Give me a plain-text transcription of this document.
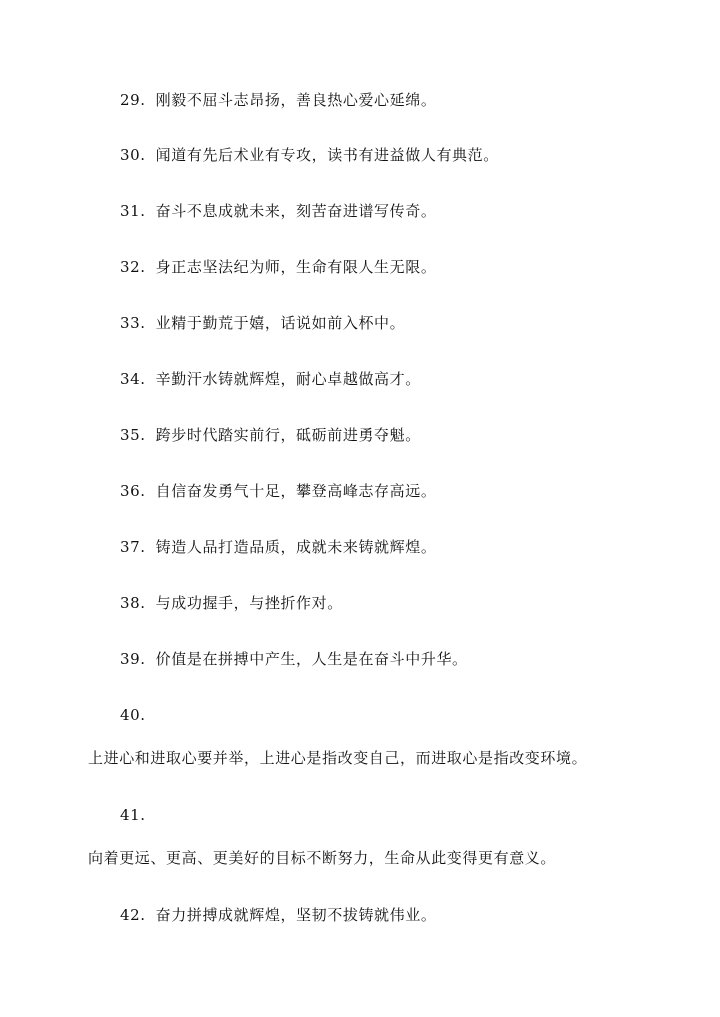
29. 刚毅不屈斗志昂扬，善良热心爱心延绵。
30. 闻道有先后术业有专攻，读书有进益做人有典范。
31. 奋斗不息成就未来，刻苦奋进谱写传奇。
32. 身正志坚法纪为师，生命有限人生无限。
33. 业精于勤荒于嬉，话说如前入杯中。
34. 辛勤汗水铸就辉煌，耐心卓越做高才。
35. 跨步时代踏实前行，砥砺前进勇夺魁。
36. 自信奋发勇气十足，攀登高峰志存高远。
37. 铸造人品打造品质，成就未来铸就辉煌。
38. 与成功握手，与挫折作对。
39. 价值是在拼搏中产生，人生是在奋斗中升华。
40.
上进心和进取心要并举，上进心是指改变自己，而进取心是指改变环境。
41.
向着更远、更高、更美好的目标不断努力，生命从此变得更有意义。
42. 奋力拼搏成就辉煌，坚韧不拔铸就伟业。
